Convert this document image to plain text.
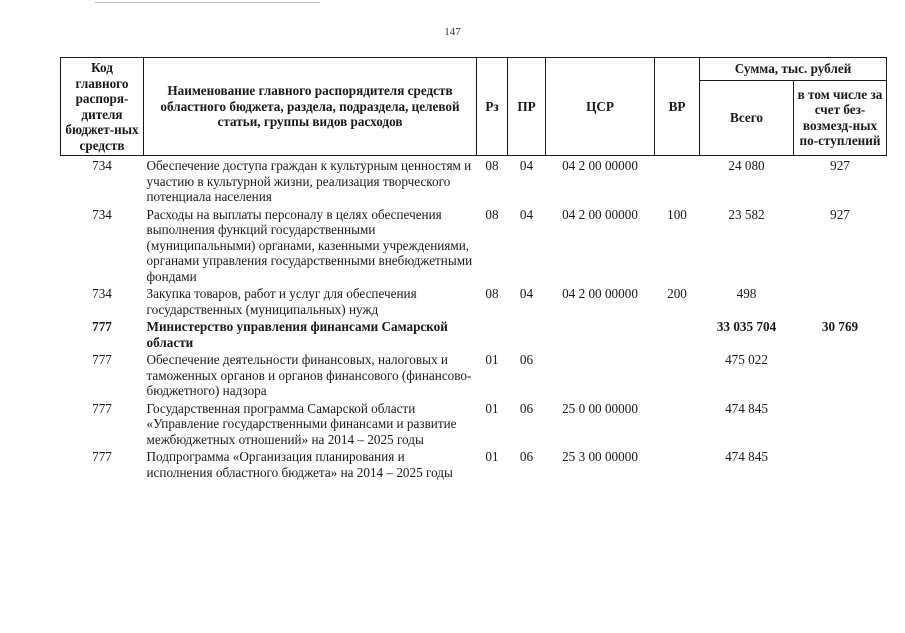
147
Код главного распоря-дителя бюджет-ных средств	Наименование главного распорядителя средств областного бюджета, раздела, подраздела, целевой статьи, группы видов расходов	Рз	ПР	ЦСР	ВР	Сумма, тыс. рублей	
						Всего	в том числе за счет без-возмезд-ных по-ступлений
734	Обеспечение доступа граждан к культурным ценностям и участию в культурной жизни, реализация творческого потенциала населения	08	04	04 2 00 00000		24 080	927
734	Расходы на выплаты персоналу в целях обеспечения выполнения функций государственными (муниципальными) органами, казенными учреждениями, органами управления государственными внебюджетными фондами	08	04	04 2 00 00000	100	23 582	927
734	Закупка товаров, работ и услуг для обеспечения государственных (муниципальных) нужд	08	04	04 2 00 00000	200	498	
777	Министерство управления финансами Самарской области					33 035 704	30 769
777	Обеспечение деятельности финансовых, налоговых и таможенных органов и органов финансового (финансово-бюджетного) надзора	01	06			475 022	
777	Государственная программа Самарской области «Управление государственными финансами и развитие межбюджетных отношений» на 2014 – 2025 годы	01	06	25 0 00 00000		474 845	
777	Подпрограмма «Организация планирования и исполнения областного бюджета» на 2014 – 2025 годы	01	06	25 3 00 00000		474 845	
